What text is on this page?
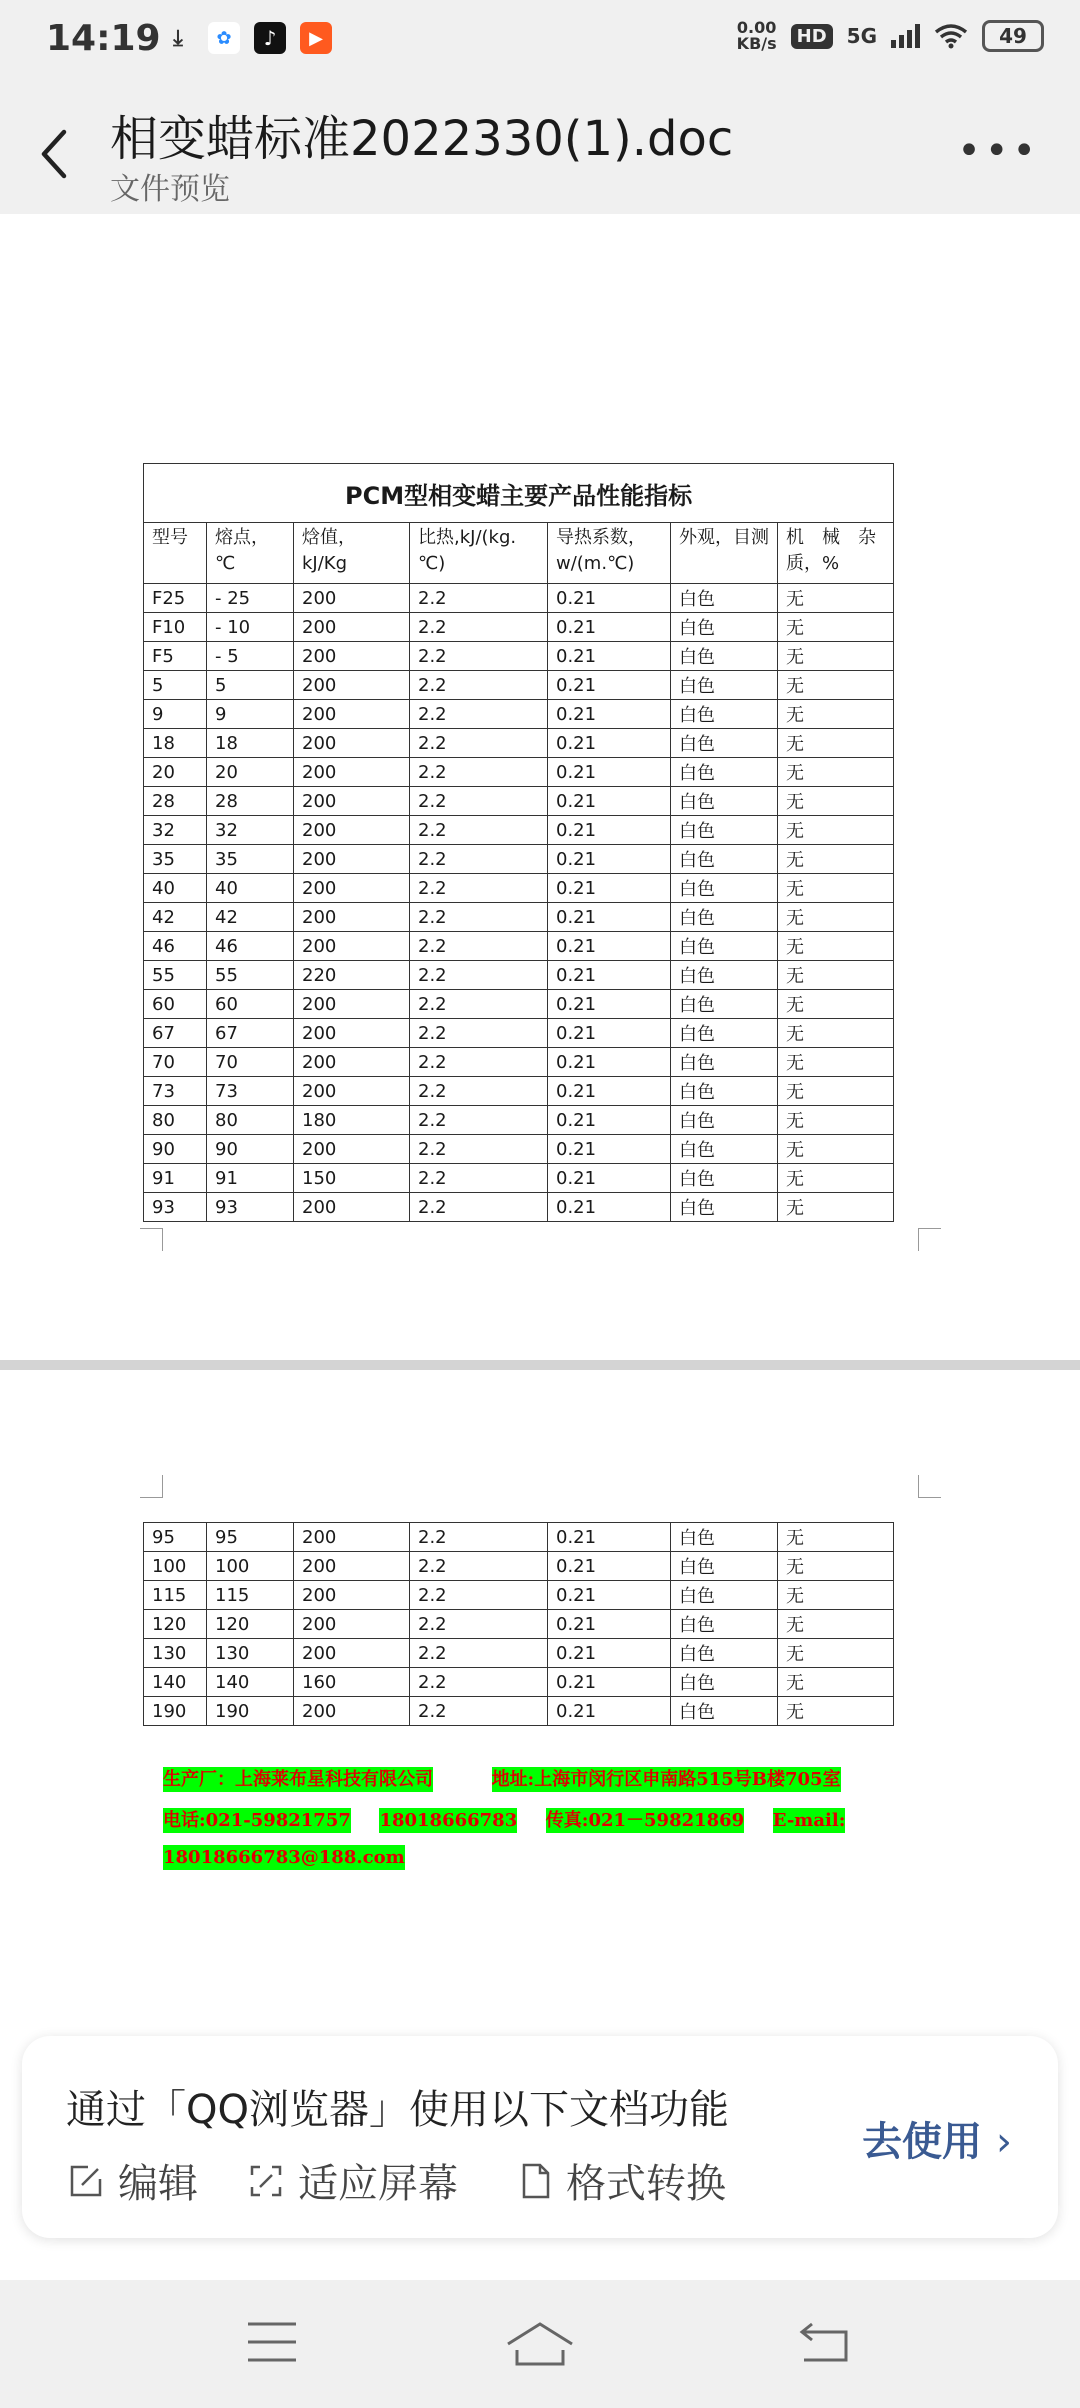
14:19 ⤓	✿	♪	▶	0.00
KB/s	HD	5G	49
相变蜡标准2022330(1).doc
文件预览
•••
PCM型相变蜡主要产品性能指标						
型号	熔点，℃	焓值，kJ/Kg	比热,kJ/(kg.℃)	导热系数，w/(m.℃)	外观，目测	机　械　杂质，%
F25	- 25	200	2.2	0.21	白色	无
F10	- 10	200	2.2	0.21	白色	无
F5	- 5	200	2.2	0.21	白色	无
5	5	200	2.2	0.21	白色	无
9	9	200	2.2	0.21	白色	无
18	18	200	2.2	0.21	白色	无
20	20	200	2.2	0.21	白色	无
28	28	200	2.2	0.21	白色	无
32	32	200	2.2	0.21	白色	无
35	35	200	2.2	0.21	白色	无
40	40	200	2.2	0.21	白色	无
42	42	200	2.2	0.21	白色	无
46	46	200	2.2	0.21	白色	无
55	55	220	2.2	0.21	白色	无
60	60	200	2.2	0.21	白色	无
67	67	200	2.2	0.21	白色	无
70	70	200	2.2	0.21	白色	无
73	73	200	2.2	0.21	白色	无
80	80	180	2.2	0.21	白色	无
90	90	200	2.2	0.21	白色	无
91	91	150	2.2	0.21	白色	无
93	93	200	2.2	0.21	白色	无
95	95	200	2.2	0.21	白色	无
100	100	200	2.2	0.21	白色	无
115	115	200	2.2	0.21	白色	无
120	120	200	2.2	0.21	白色	无
130	130	200	2.2	0.21	白色	无
140	140	160	2.2	0.21	白色	无
190	190	200	2.2	0.21	白色	无
生产厂：上海莱布星科技有限公司	地址:上海市闵行区申南路515号B楼705室
电话:021-59821757 18018666783 传真:021－59821869 E-mail:
18018666783@188.com
通过「QQ浏览器」使用以下文档功能
编辑	适应屏幕	格式转换
去使用 ›
